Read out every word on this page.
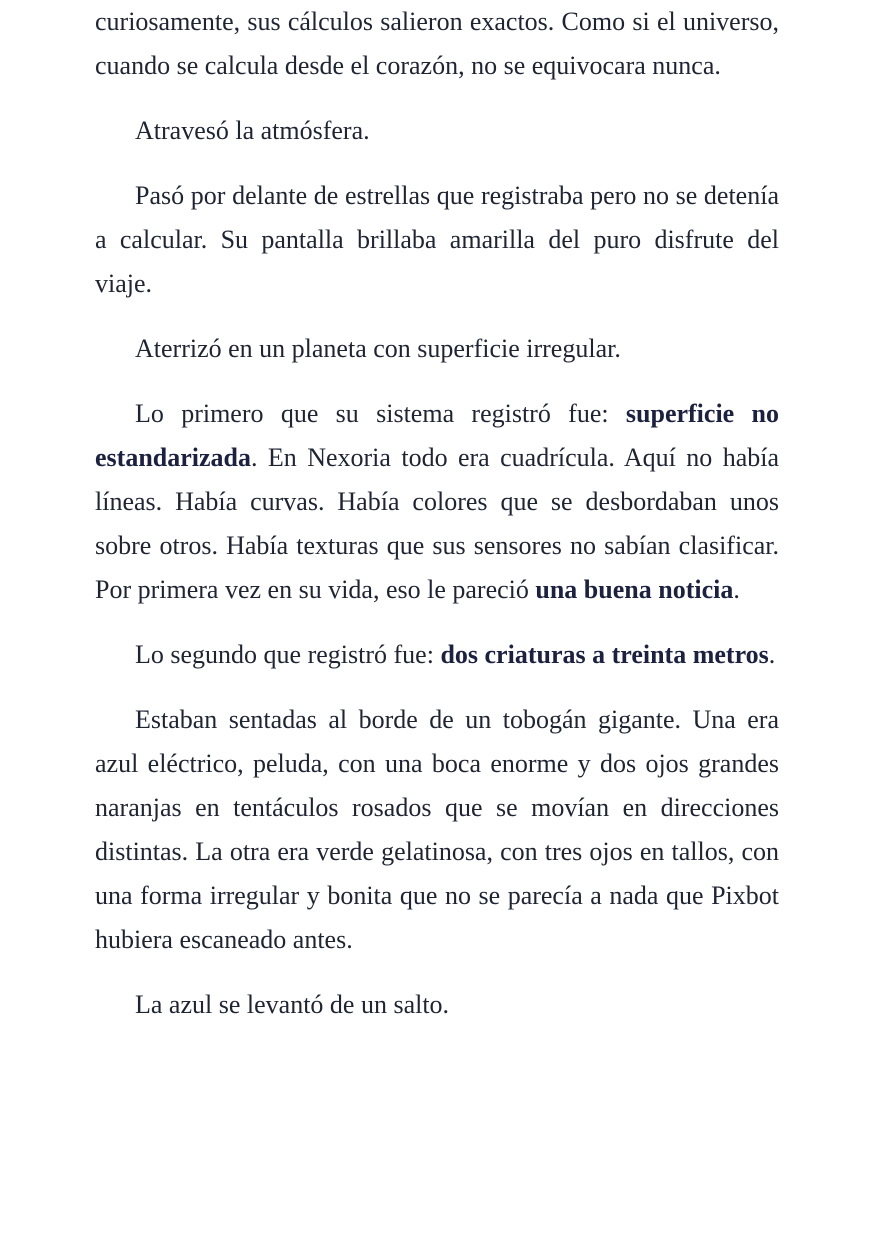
curiosamente, sus cálculos salieron exactos. Como si el universo, cuando se calcula desde el corazón, no se equivocara nunca.

Atravesó la atmósfera.

Pasó por delante de estrellas que registraba pero no se detenía a calcular. Su pantalla brillaba amarilla del puro disfrute del viaje.

Aterrizó en un planeta con superficie irregular.

Lo primero que su sistema registró fue: superficie no estandarizada. En Nexoria todo era cuadrícula. Aquí no había líneas. Había curvas. Había colores que se desbordaban unos sobre otros. Había texturas que sus sensores no sabían clasificar. Por primera vez en su vida, eso le pareció una buena noticia.

Lo segundo que registró fue: dos criaturas a treinta metros.

Estaban sentadas al borde de un tobogán gigante. Una era azul eléctrico, peluda, con una boca enorme y dos ojos grandes naranjas en tentáculos rosados que se movían en direcciones distintas. La otra era verde gelatinosa, con tres ojos en tallos, con una forma irregular y bonita que no se parecía a nada que Pixbot hubiera escaneado antes.

La azul se levantó de un salto.
